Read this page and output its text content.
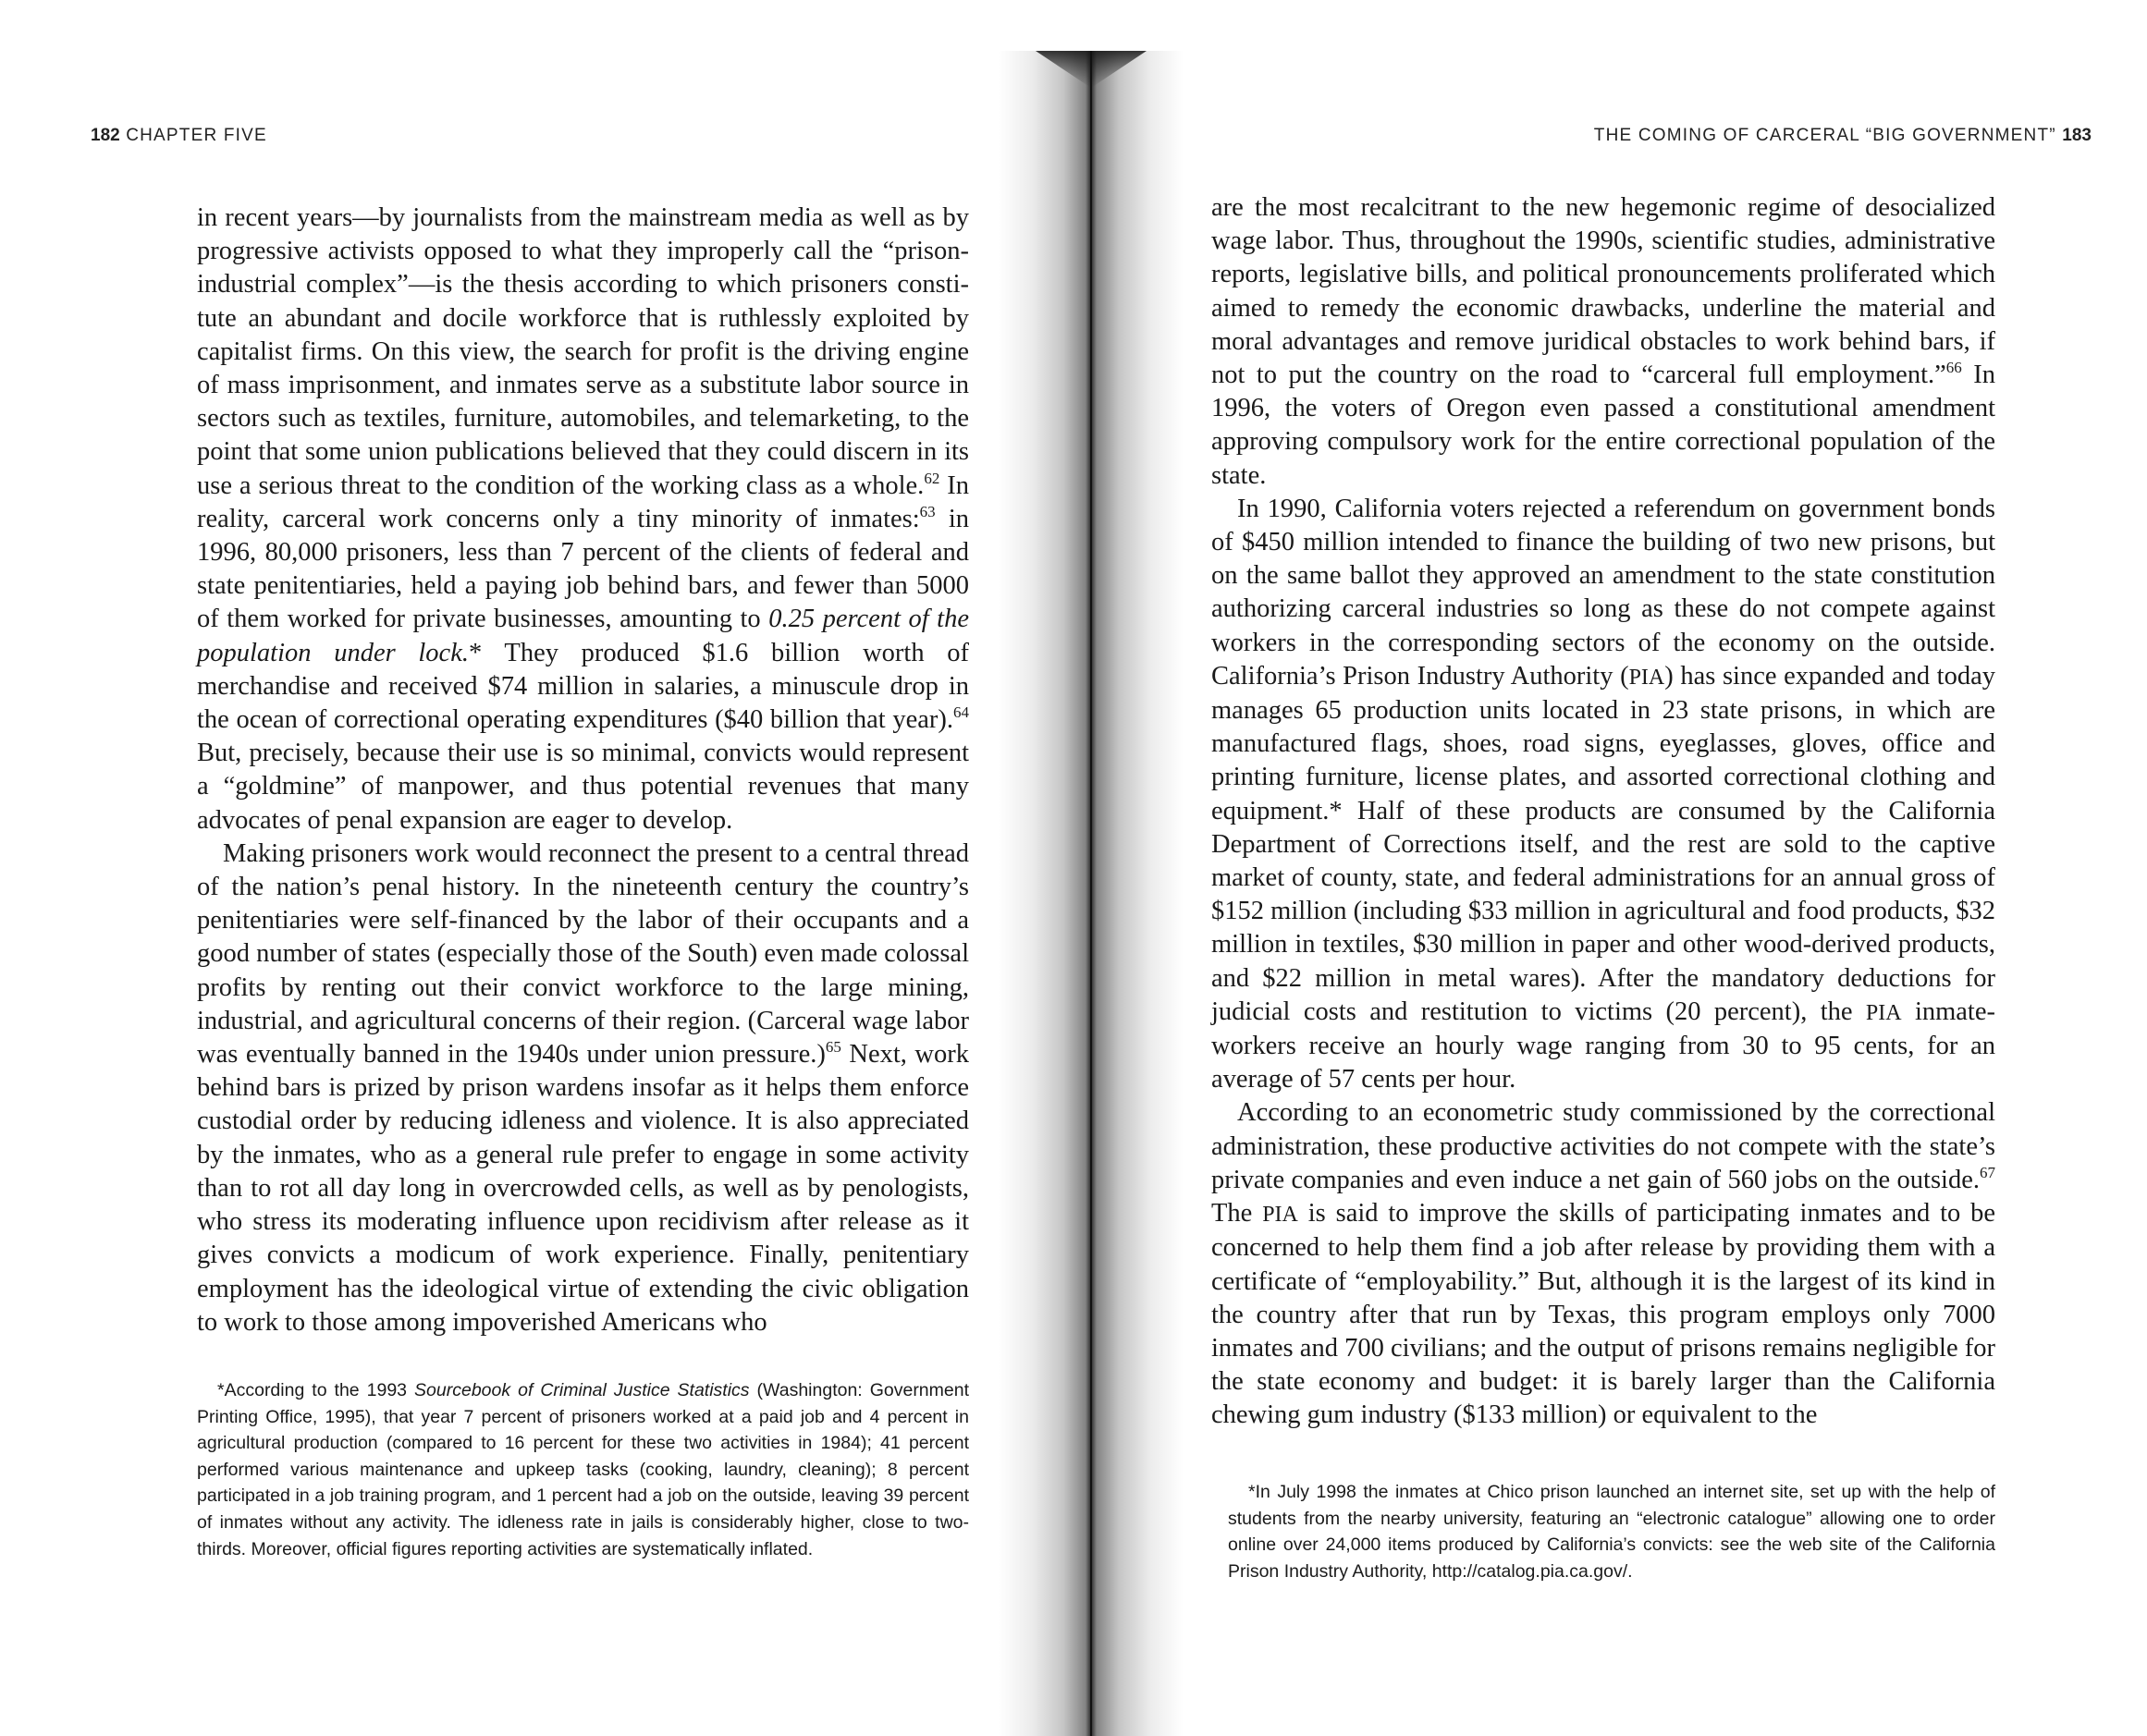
182 CHAPTER FIVE

in recent years—by journalists from the mainstream media as well as by progressive activists opposed to what they improperly call the “prison-industrial complex”—is the thesis according to which prisoners constitute an abundant and docile workforce that is ruthlessly exploited by capitalist firms. On this view, the search for profit is the driving engine of mass imprisonment, and inmates serve as a substitute labor source in sectors such as textiles, furniture, automobiles, and telemarketing, to the point that some union publications believed that they could discern in its use a serious threat to the condition of the working class as a whole.$^{62}$ In reality, carceral work concerns only a tiny minority of inmates:$^{63}$ in 1996, 80,000 prisoners, less than 7 percent of the clients of federal and state penitentiaries, held a paying job behind bars, and fewer than 5000 of them worked for private businesses, amounting to 0.25 percent of the population under lock.* They produced $1.6 billion worth of merchandise and received $74 million in salaries, a minuscule drop in the ocean of correctional operating expenditures ($40 billion that year).$^{64}$ But, precisely, because their use is so minimal, convicts would represent a “goldmine” of manpower, and thus potential revenues that many advocates of penal expansion are eager to develop.

Making prisoners work would reconnect the present to a central thread of the nation’s penal history. In the nineteenth century the country’s penitentiaries were self-financed by the labor of their occupants and a good number of states (especially those of the South) even made colossal profits by renting out their convict workforce to the large mining, industrial, and agricultural concerns of their region. (Carceral wage labor was eventually banned in the 1940s under union pressure.)$^{65}$ Next, work behind bars is prized by prison wardens insofar as it helps them enforce custodial order by reducing idleness and violence. It is also appreciated by the inmates, who as a general rule prefer to engage in some activity than to rot all day long in overcrowded cells, as well as by penologists, who stress its moderating influence upon recidivism after release as it gives convicts a modicum of work experience. Finally, penitentiary employment has the ideological virtue of extending the civic obligation to work to those among impoverished Americans who

*According to the 1993 Sourcebook of Criminal Justice Statistics (Washington: Government Printing Office, 1995), that year 7 percent of prisoners worked at a paid job and 4 percent in agricultural production (compared to 16 percent for these two activities in 1984); 41 percent performed various maintenance and upkeep tasks (cooking, laundry, cleaning); 8 percent participated in a job training program, and 1 percent had a job on the outside, leaving 39 percent of inmates without any activity. The idleness rate in jails is considerably higher, close to two-thirds. Moreover, official figures reporting activities are systematically inflated.

THE COMING OF CARCERAL “BIG GOVERNMENT” 183

are the most recalcitrant to the new hegemonic regime of desocialized wage labor. Thus, throughout the 1990s, scientific studies, administrative reports, legislative bills, and political pronouncements proliferated which aimed to remedy the economic drawbacks, underline the material and moral advantages and remove juridical obstacles to work behind bars, if not to put the country on the road to “carceral full employment.”$^{66}$ In 1996, the voters of Oregon even passed a constitutional amendment approving compulsory work for the entire correctional population of the state.

In 1990, California voters rejected a referendum on government bonds of $450 million intended to finance the building of two new prisons, but on the same ballot they approved an amendment to the state constitution authorizing carceral industries so long as these do not compete against workers in the corresponding sectors of the economy on the outside. California’s Prison Industry Authority (PIA) has since expanded and today manages 65 production units located in 23 state prisons, in which are manufactured flags, shoes, road signs, eyeglasses, gloves, office and printing furniture, license plates, and assorted correctional clothing and equipment.* Half of these products are consumed by the California Department of Corrections itself, and the rest are sold to the captive market of county, state, and federal administrations for an annual gross of $152 million (including $33 million in agricultural and food products, $32 million in textiles, $30 million in paper and other wood-derived products, and $22 million in metal wares). After the mandatory deductions for judicial costs and restitution to victims (20 percent), the PIA inmate-workers receive an hourly wage ranging from 30 to 95 cents, for an average of 57 cents per hour.

According to an econometric study commissioned by the correctional administration, these productive activities do not compete with the state’s private companies and even induce a net gain of 560 jobs on the outside.$^{67}$ The PIA is said to improve the skills of participating inmates and to be concerned to help them find a job after release by providing them with a certificate of “employability.” But, although it is the largest of its kind in the country after that run by Texas, this program employs only 7000 inmates and 700 civilians; and the output of prisons remains negligible for the state economy and budget: it is barely larger than the California chewing gum industry ($133 million) or equivalent to the

*In July 1998 the inmates at Chico prison launched an internet site, set up with the help of students from the nearby university, featuring an “electronic catalogue” allowing one to order online over 24,000 items produced by California’s convicts: see the web site of the California Prison Industry Authority, http://catalog.pia.ca.gov/.
